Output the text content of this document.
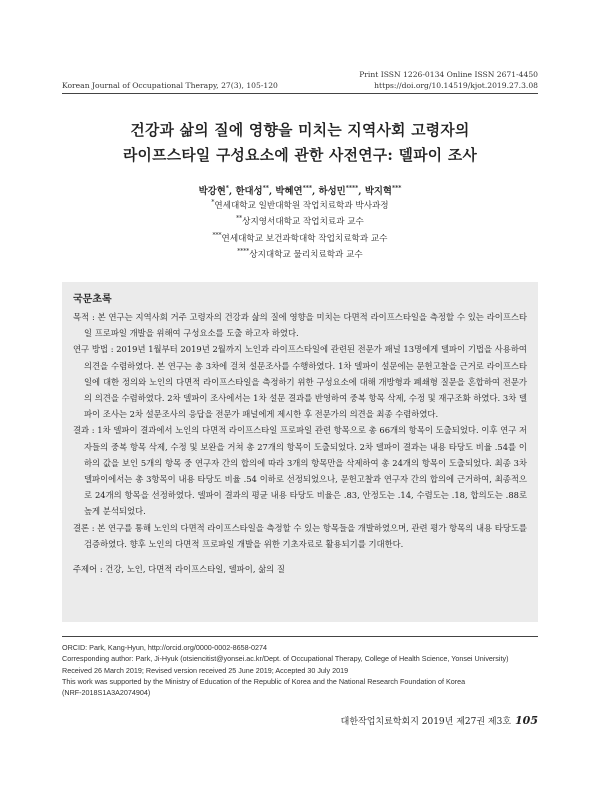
Print ISSN 1226-0134 Online ISSN 2671-4450
https://doi.org/10.14519/kjot.2019.27.3.08
Korean Journal of Occupational Therapy, 27(3), 105-120
건강과 삶의 질에 영향을 미치는 지역사회 고령자의
라이프스타일 구성요소에 관한 사전연구: 델파이 조사
박강현*, 한대성**, 박혜연***, 하성민****, 박지혁***
*연세대학교 일반대학원 작업치료학과 박사과정
**상지영서대학교 작업치료과 교수
***연세대학교 보건과학대학 작업치료학과 교수
****상지대학교 물리치료학과 교수
국문초록

목적 : 본 연구는 지역사회 거주 고령자의 건강과 삶의 질에 영향을 미치는 다면적 라이프스타일을 측정할 수 있는 라이프스타일 프로파일 개발을 위해여 구성요소를 도출 하고자 하였다.

연구 방법 : 2019년 1월부터 2019년 2월까지 노인과 라이프스타일에 관련된 전문가 패널 13명에게 델파이 기법을 사용하여 의견을 수렴하였다. 본 연구는 총 3차에 걸쳐 설문조사를 수행하였다. 1차 델파이 설문에는 문헌고찰을 근거로 라이프스타일에 대한 정의와 노인의 다면적 라이프스타일을 측정하기 위한 구성요소에 대해 개방형과 폐쇄형 질문을 혼합하여 전문가의 의견을 수렴하였다. 2차 델파이 조사에서는 1차 설문 결과를 반영하여 중복 항목 삭제, 수정 및 재구조화 하였다. 3차 델파이 조사는 2차 설문조사의 응답을 전문가 패널에게 제시한 후 전문가의 의견을 최종 수렴하였다.

결과 : 1차 델파이 결과에서 노인의 다면적 라이프스타일 프로파일 관련 항목으로 총 66개의 항목이 도출되었다. 이후 연구 저자들의 중복 항목 삭제, 수정 및 보완을 거쳐 총 27개의 항목이 도출되었다. 2차 델파이 결과는 내용 타당도 비율 .54를 이하의 값을 보인 5개의 항목 중 연구자 간의 합의에 따라 3개의 항목만을 삭제하여 총 24개의 항목이 도출되었다. 최종 3차 델파이에서는 총 3항목이 내용 타당도 비율 .54 이하로 선정되었으나, 문헌고찰과 연구자 간의 합의에 근거하여, 최종적으로 24개의 항목을 선정하였다. 델파이 결과의 평균 내용 타당도 비율은 .83, 안정도는 .14, 수렴도는 .18, 합의도는 .88로 높게 분석되었다.

결론 : 본 연구를 통해 노인의 다면적 라이프스타일을 측정할 수 있는 항목들을 개발하였으며, 관련 평가 항목의 내용 타당도를 검증하였다. 향후 노인의 다면적 프로파일 개발을 위한 기초자료로 활용되기를 기대한다.

주제어 : 건강, 노인, 다면적 라이프스타일, 델파이, 삶의 질
ORCID: Park, Kang-Hyun, http://orcid.org/0000-0002-8658-0274
Corresponding author: Park, Ji-Hyuk (otsiencitist@yonsei.ac.kr/Dept. of Occupational Therapy, College of Health Science, Yonsei University)
Received 26 March 2019; Revised version received 25 June 2019; Accepted 30 July 2019
This work was supported by the Ministry of Education of the Republic of Korea and the National Research Foundation of Korea
(NRF-2018S1A3A2074904)
대한작업치료학회지 2019년 제27권 제3호 105
